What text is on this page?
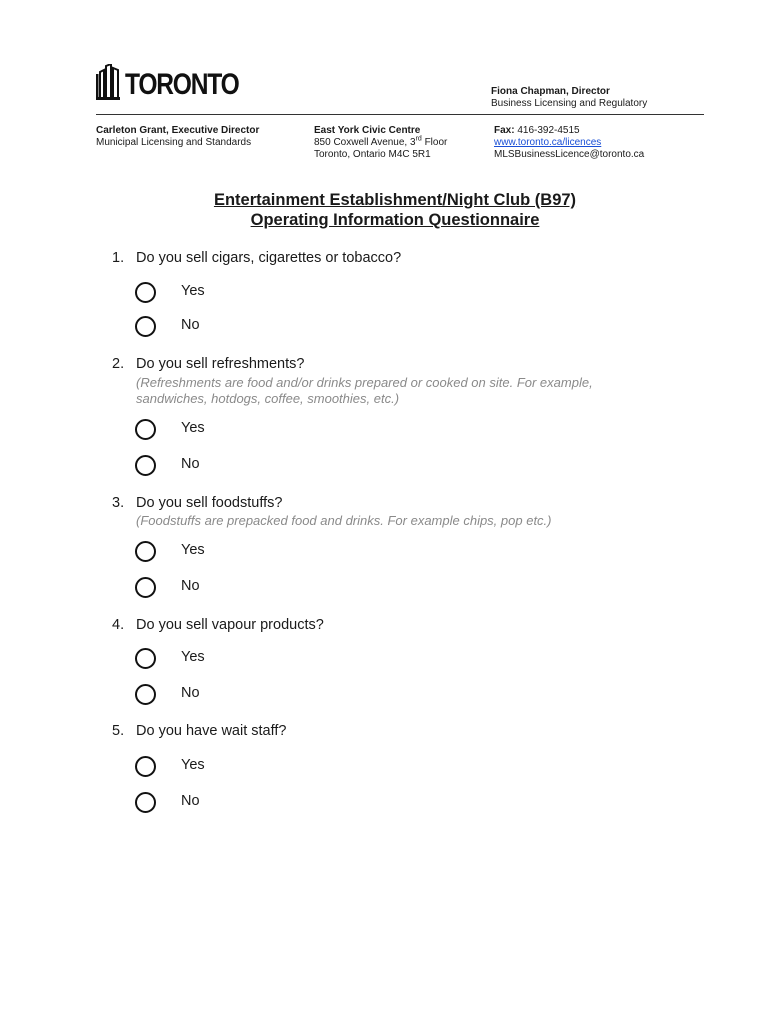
TORONTO	Fiona Chapman, Director
Business Licensing and Regulatory
Carleton Grant, Executive Director
Municipal Licensing and Standards
East York Civic Centre
850 Coxwell Avenue, 3rd Floor
Toronto, Ontario M4C 5R1
Fax: 416-392-4515
www.toronto.ca/licences
MLSBusinessLicence@toronto.ca
Entertainment Establishment/Night Club (B97)
Operating Information Questionnaire
1. Do you sell cigars, cigarettes or tobacco?
Yes
No
2. Do you sell refreshments?
(Refreshments are food and/or drinks prepared or cooked on site. For example, sandwiches, hotdogs, coffee, smoothies, etc.)
Yes
No
3. Do you sell foodstuffs?
(Foodstuffs are prepacked food and drinks. For example chips, pop etc.)
Yes
No
4. Do you sell vapour products?
Yes
No
5. Do you have wait staff?
Yes
No
